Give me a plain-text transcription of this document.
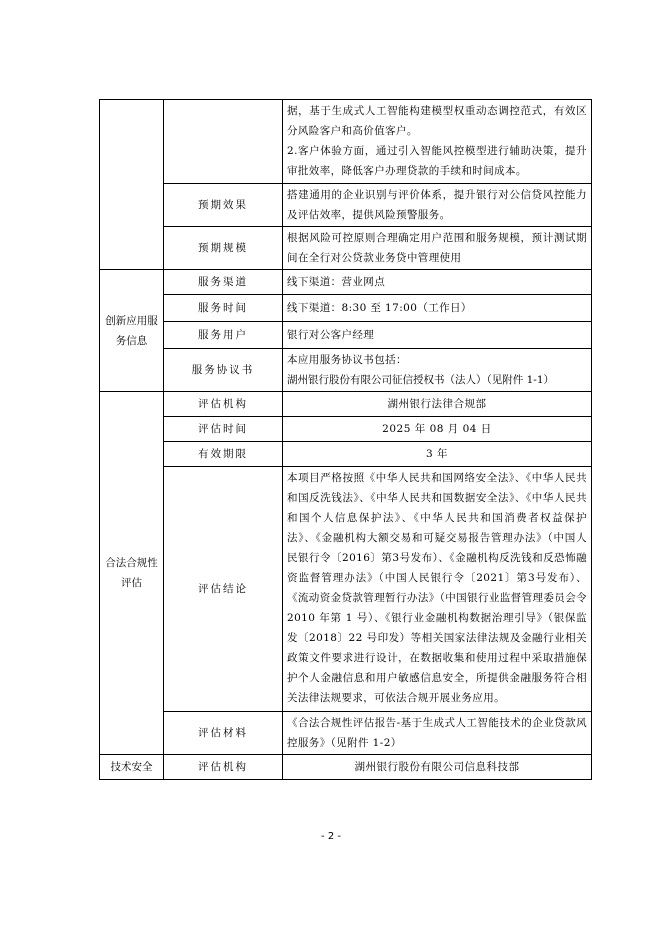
		据，基于生成式人工智能构建模型权重动态调控范式，有效区分风险客户和高价值客户。
2.客户体验方面，通过引入智能风控模型进行辅助决策，提升审批效率，降低客户办理贷款的手续和时间成本。

	预期效果	搭建通用的企业识别与评价体系，提升银行对公信贷风控能力及评估效率，提供风险预警服务。
	预期规模	根据风险可控原则合理确定用户范围和服务规模，预计测试期间在全行对公贷款业务贷中管理使用
创新应用服务信息	服务渠道	线下渠道：营业网点
	服务时间	线下渠道：8:30 至 17:00（工作日）
	服务用户	银行对公客户经理
	服务协议书	本应用服务协议书包括：
湖州银行股份有限公司征信授权书（法人）（见附件 1-1）

合法合规性评估	评估机构	湖州银行法律合规部
	评估时间	2025 年 08 月 04 日
	有效期限	3 年
	评估结论	本项目严格按照《中华人民共和国网络安全法》、《中华人民共和国反洗钱法》、《中华人民共和国数据安全法》、《中华人民共和国个人信息保护法》、《中华人民共和国消费者权益保护法》、《金融机构大额交易和可疑交易报告管理办法》（中国人民银行令〔2016〕第3号发布）、《金融机构反洗钱和反恐怖融资监督管理办法》（中国人民银行令〔2021〕第3号发布）、《流动资金贷款管理暂行办法》（中国银行业监督管理委员会令 2010 年第 1 号）、《银行业金融机构数据治理引导》（银保监发〔2018〕22 号印发）等相关国家法律法规及金融行业相关政策文件要求进行设计，在数据收集和使用过程中采取措施保护个人金融信息和用户敏感信息安全，所提供金融服务符合相关法律法规要求，可依法合规开展业务应用。
	评估材料	《合法合规性评估报告-基于生成式人工智能技术的企业贷款风控服务》（见附件 1-2）
技术安全	评估机构	湖州银行股份有限公司信息科技部
- 2 -
